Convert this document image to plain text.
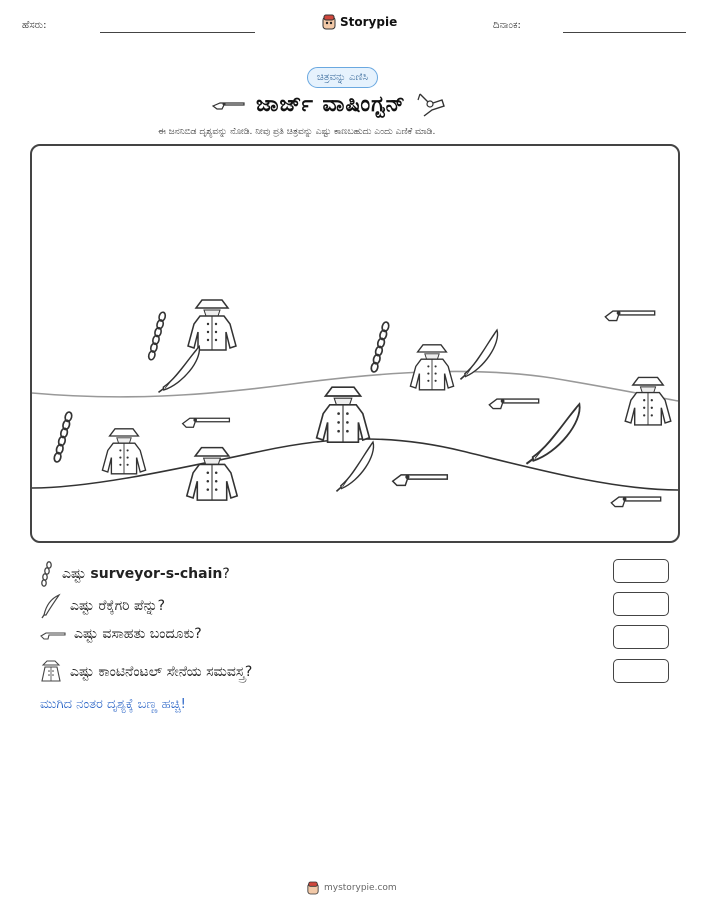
ಹೆಸರು:	Storypie	ದಿನಾಂಕ:
ಚಿತ್ರವನ್ನು ಎಣಿಸಿ
ಜಾರ್ಜ್ ವಾಷಿಂಗ್ಟನ್
ಈ ಜನನಿಬಿಡ ದೃಶ್ಯವನ್ನು ನೋಡಿ. ನೀವು ಪ್ರತಿ ಚಿತ್ರವನ್ನು ಎಷ್ಟು ಕಾಣಬಹುದು ಎಂದು ಎಣಿಕೆ ಮಾಡಿ.
ಎಷ್ಟು surveyor-s-chain?
ಎಷ್ಟು ರೆಕ್ಕೆಗರಿ ಪೆನ್ನು?
ಎಷ್ಟು ವಸಾಹತು ಬಂದೂಕು?
ಎಷ್ಟು ಕಾಂಟಿನೆಂಟಲ್ ಸೇನೆಯ ಸಮವಸ್ತ್ರ?
ಮುಗಿದ ನಂತರ ದೃಶ್ಯಕ್ಕೆ ಬಣ್ಣ ಹಚ್ಚಿ!
mystorypie.com
